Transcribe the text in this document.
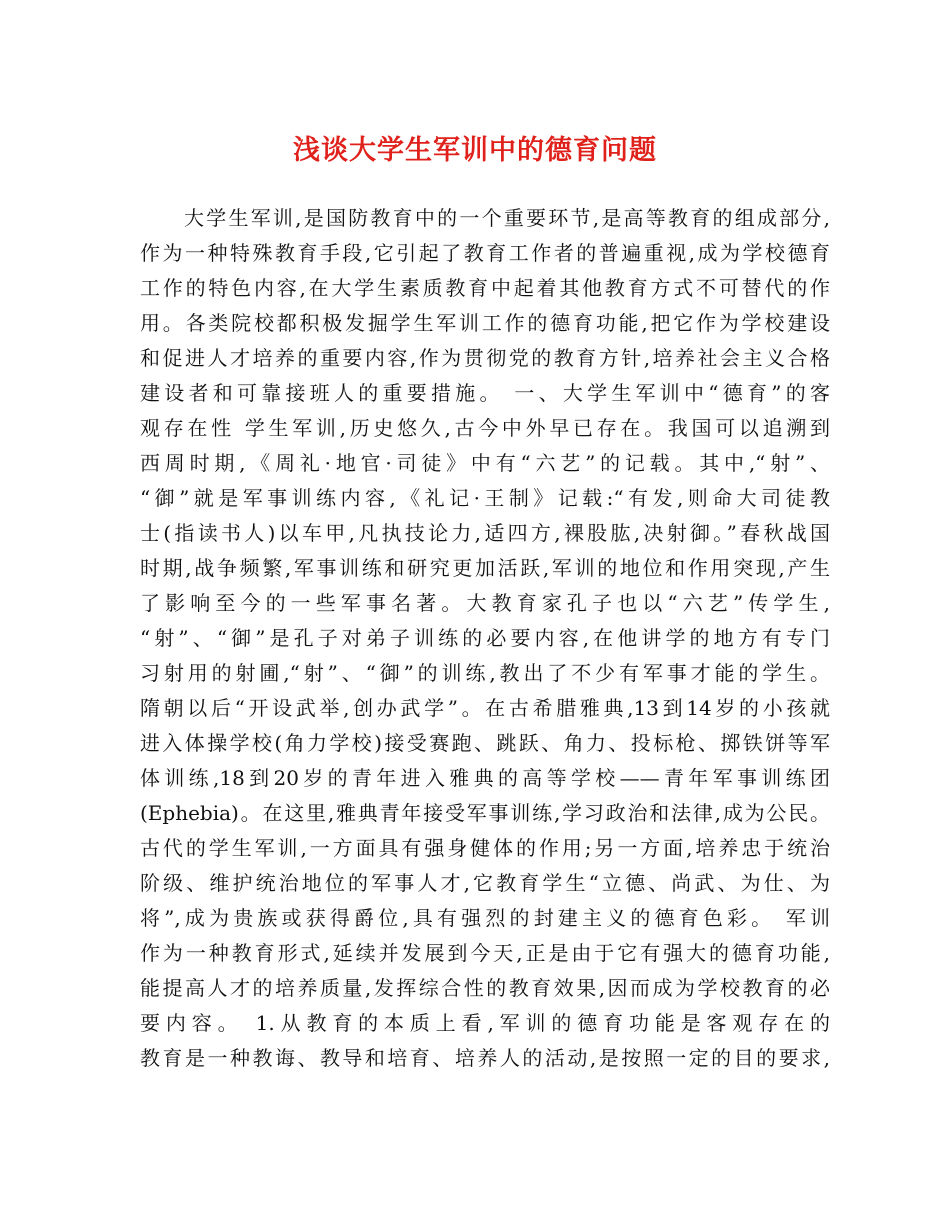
浅谈大学生军训中的德育问题
大学生军训,是国防教育中的一个重要环节,是高等教育的组成部分,
作为一种特殊教育手段,它引起了教育工作者的普遍重视,成为学校德育
工作的特色内容,在大学生素质教育中起着其他教育方式不可替代的作
用。各类院校都积极发掘学生军训工作的德育功能,把它作为学校建设
和促进人才培养的重要内容,作为贯彻党的教育方针,培养社会主义合格
建设者和可靠接班人的重要措施。 一、大学生军训中“德育”的客
观存在性 学生军训,历史悠久,古今中外早已存在。我国可以追溯到
西周时期,《周礼·地官·司徒》中有“六艺”的记载。其中,“射”、
“御”就是军事训练内容,《礼记·王制》记载:“有发,则命大司徒教
士(指读书人)以车甲,凡执技论力,适四方,裸股肱,决射御。”春秋战国
时期,战争频繁,军事训练和研究更加活跃,军训的地位和作用突现,产生
了影响至今的一些军事名著。大教育家孔子也以“六艺”传学生,
“射”、“御”是孔子对弟子训练的必要内容,在他讲学的地方有专门
习射用的射圃,“射”、“御”的训练,教出了不少有军事才能的学生。
隋朝以后“开设武举,创办武学”。在古希腊雅典,13到14岁的小孩就
进入体操学校(角力学校)接受赛跑、跳跃、角力、投标枪、掷铁饼等军
体训练,18到20岁的青年进入雅典的高等学校——青年军事训练团
(Ephebia)。在这里,雅典青年接受军事训练,学习政治和法律,成为公民。
古代的学生军训,一方面具有强身健体的作用;另一方面,培养忠于统治
阶级、维护统治地位的军事人才,它教育学生“立德、尚武、为仕、为
将”,成为贵族或获得爵位,具有强烈的封建主义的德育色彩。 军训
作为一种教育形式,延续并发展到今天,正是由于它有强大的德育功能,
能提高人才的培养质量,发挥综合性的教育效果,因而成为学校教育的必
要内容。 1.从教育的本质上看,军训的德育功能是客观存在的
教育是一种教诲、教导和培育、培养人的活动,是按照一定的目的要求,
